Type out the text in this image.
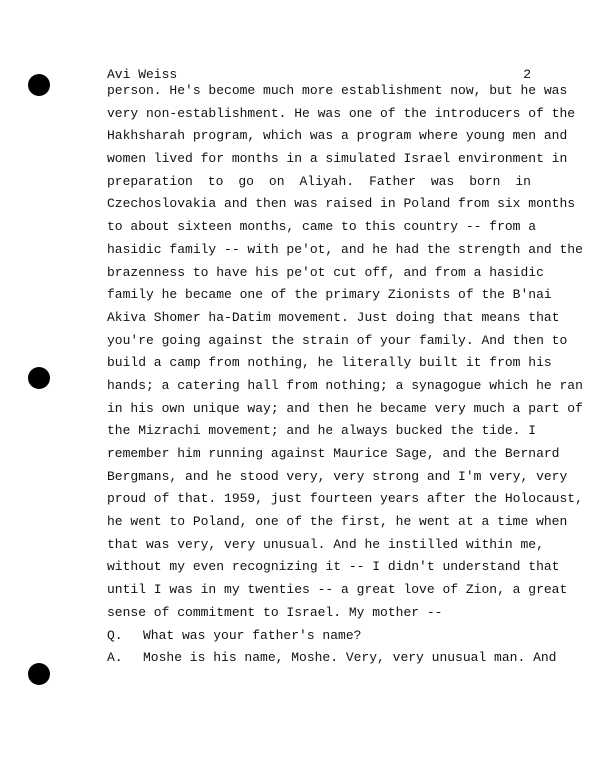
Avi Weiss	2
person. He's become much more establishment now, but he was
very non-establishment. He was one of the introducers of the
Hakhsharah program, which was a program where young men and
women lived for months in a simulated Israel environment in
preparation to go on Aliyah. Father was born in
Czechoslovakia and then was raised in Poland from six months
to about sixteen months, came to this country -- from a
hasidic family -- with pe'ot, and he had the strength and the
brazenness to have his pe'ot cut off, and from a hasidic
family he became one of the primary Zionists of the B'nai
Akiva Shomer ha-Datim movement. Just doing that means that
you're going against the strain of your family. And then to
build a camp from nothing, he literally built it from his
hands; a catering hall from nothing; a synagogue which he ran
in his own unique way; and then he became very much a part of
the Mizrachi movement; and he always bucked the tide. I
remember him running against Maurice Sage, and the Bernard
Bergmans, and he stood very, very strong and I'm very, very
proud of that. 1959, just fourteen years after the Holocaust,
he went to Poland, one of the first, he went at a time when
that was very, very unusual. And he instilled within me,
without my even recognizing it -- I didn't understand that
until I was in my twenties -- a great love of Zion, a great
sense of commitment to Israel. My mother --
Q. What was your father's name?
A. Moshe is his name, Moshe. Very, very unusual man. And
